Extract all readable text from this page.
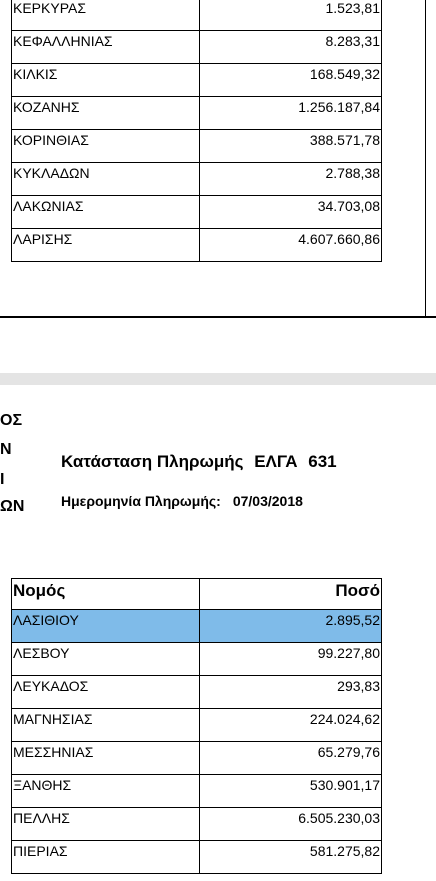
ΚΕΡΚΥΡΑΣ	1.523,81
ΚΕΦΑΛΛΗΝΙΑΣ	8.283,31
ΚΙΛΚΙΣ	168.549,32
ΚΟΖΑΝΗΣ	1.256.187,84
ΚΟΡΙΝΘΙΑΣ	388.571,78
ΚΥΚΛΑΔΩΝ	2.788,38
ΛΑΚΩΝΙΑΣ	34.703,08
ΛΑΡΙΣΗΣ	4.607.660,86
ΟΣ
Ν
Ι
ΩΝ
Κατάσταση Πληρωμής ΕΛΓΑ 631
Ημερομηνία Πληρωμής: 07/03/2018
Νομός	Ποσό
ΛΑΣΙΘΙΟΥ	2.895,52
ΛΕΣΒΟΥ	99.227,80
ΛΕΥΚΑΔΟΣ	293,83
ΜΑΓΝΗΣΙΑΣ	224.024,62
ΜΕΣΣΗΝΙΑΣ	65.279,76
ΞΑΝΘΗΣ	530.901,17
ΠΕΛΛΗΣ	6.505.230,03
ΠΙΕΡΙΑΣ	581.275,82
